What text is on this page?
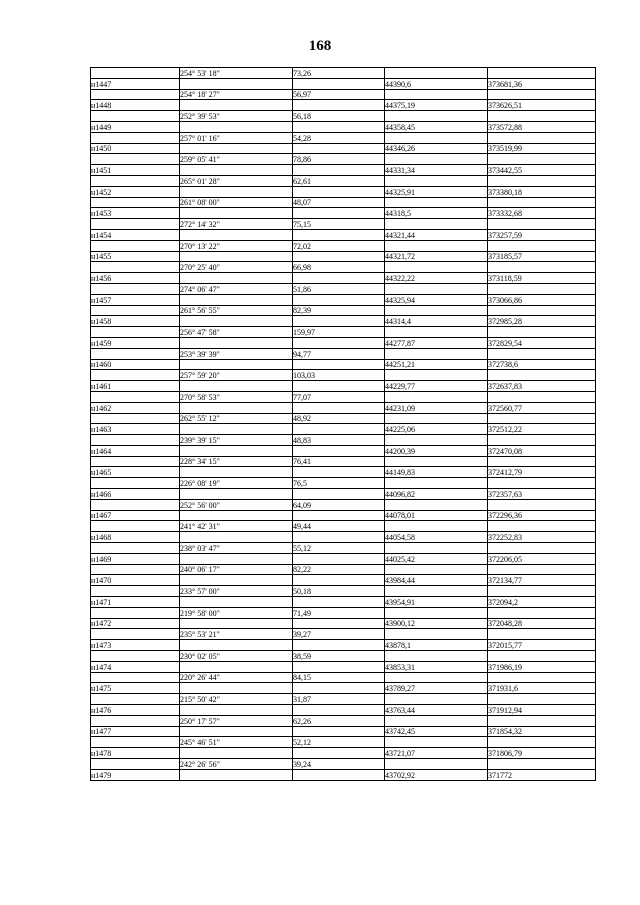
168
	254° 53' 18"	73,26		
н1447			44390,6	373681,36
	254° 18' 27"	56,97		
н1448			44375,19	373626,51
	252° 39' 53"	56,18		
н1449			44358,45	373572,88
	257° 01' 16"	54,28		
н1450			44346,26	373519,99
	259° 05' 41"	78,86		
н1451			44331,34	373442,55
	265° 01' 28"	62,61		
н1452			44325,91	373380,18
	261° 08' 00"	48,07		
н1453			44318,5	373332,68
	272° 14' 32"	75,15		
н1454			44321,44	373257,59
	270° 13' 22"	72,02		
н1455			44321,72	373185,57
	270° 25' 40"	66,98		
н1456			44322,22	373118,59
	274° 06' 47"	51,86		
н1457			44325,94	373066,86
	261° 56' 55"	82,39		
н1458			44314,4	372985,28
	256° 47' 58"	159,97		
н1459			44277,87	372829,54
	253° 39' 39"	94,77		
н1460			44251,21	372738,6
	257° 59' 20"	103,03		
н1461			44229,77	372637,83
	270° 58' 53"	77,07		
н1462			44231,09	372560,77
	262° 55' 12"	48,92		
н1463			44225,06	372512,22
	239° 39' 15"	48,83		
н1464			44200,39	372470,08
	228° 34' 15"	76,41		
н1465			44149,83	372412,79
	226° 08' 19"	76,5		
н1466			44096,82	372357,63
	252° 56' 00"	64,09		
н1467			44078,01	372296,36
	241° 42' 31"	49,44		
н1468			44054,58	372252,83
	238° 03' 47"	55,12		
н1469			44025,42	372206,05
	240° 06' 17"	82,22		
н1470			43984,44	372134,77
	233° 57' 00"	50,18		
н1471			43954,91	372094,2
	219° 58' 00"	71,49		
н1472			43900,12	372048,28
	235° 53' 21"	39,27		
н1473			43878,1	372015,77
	230° 02' 05"	38,59		
н1474			43853,31	371986,19
	220° 26' 44"	84,15		
н1475			43789,27	371931,6
	215° 50' 42"	31,87		
н1476			43763,44	371912,94
	250° 17' 57"	62,26		
н1477			43742,45	371854,32
	245° 46' 51"	52,12		
н1478			43721,07	371806,79
	242° 26' 56"	39,24		
н1479			43702,92	371772
